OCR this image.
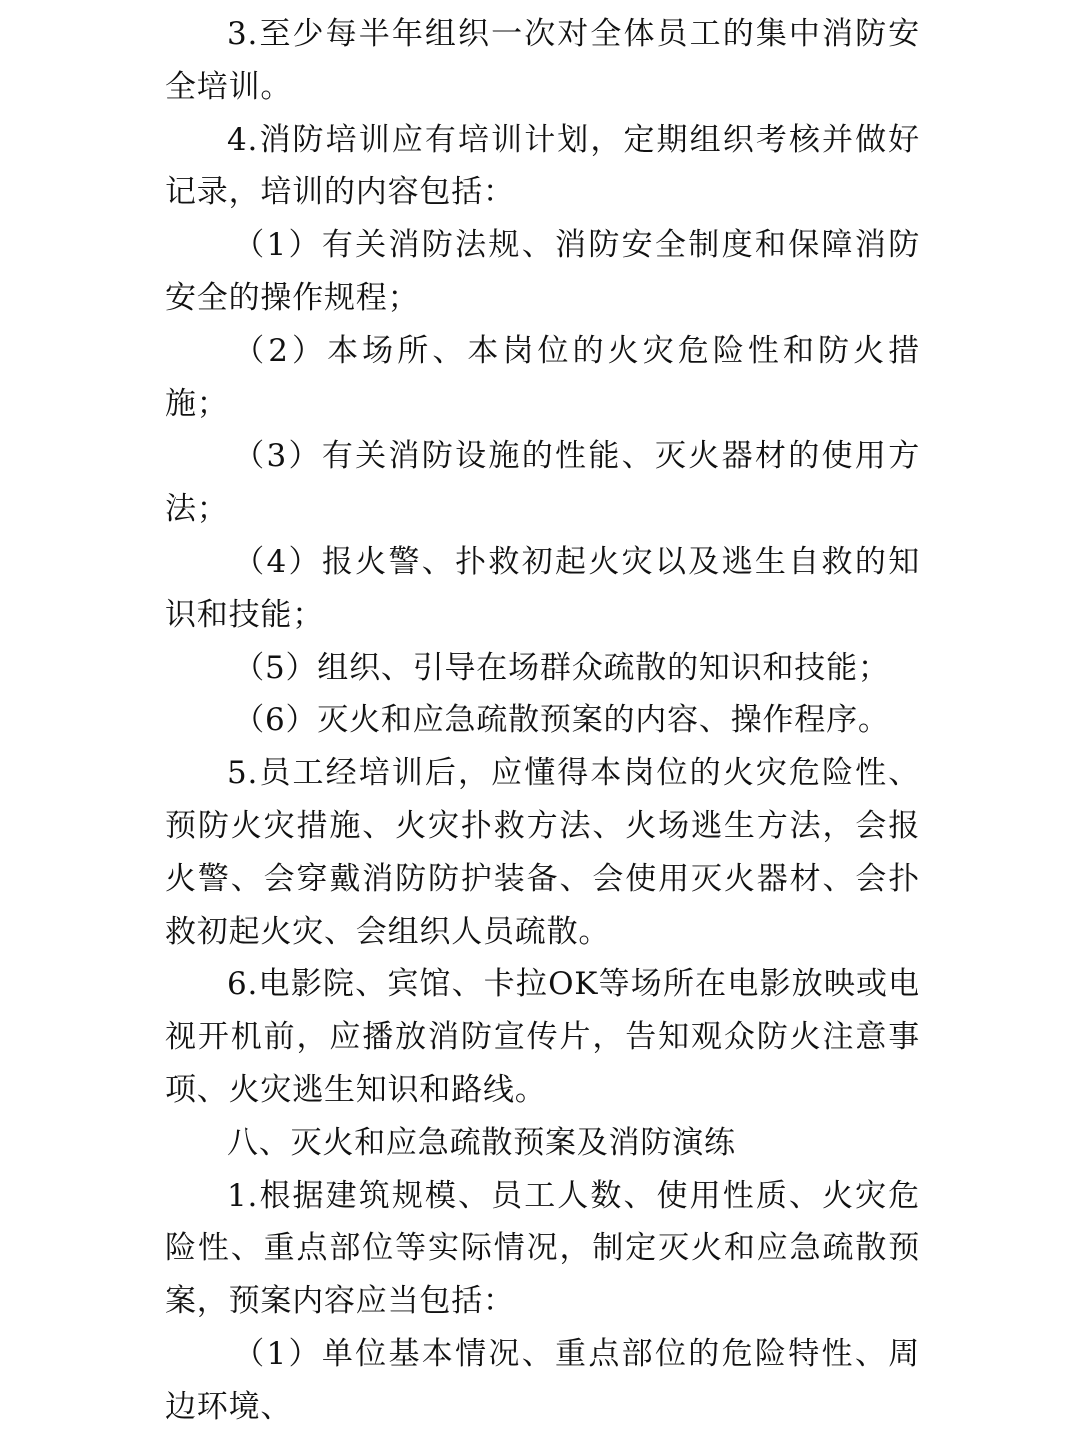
3.至少每半年组织一次对全体员工的集中消防安全培训。

4.消防培训应有培训计划，定期组织考核并做好记录，培训的内容包括：

（1）有关消防法规、消防安全制度和保障消防安全的操作规程；

（2）本场所、本岗位的火灾危险性和防火措施；

（3）有关消防设施的性能、灭火器材的使用方法；

（4）报火警、扑救初起火灾以及逃生自救的知识和技能；

（5）组织、引导在场群众疏散的知识和技能；

（6）灭火和应急疏散预案的内容、操作程序。

5.员工经培训后，应懂得本岗位的火灾危险性、预防火灾措施、火灾扑救方法、火场逃生方法，会报火警、会穿戴消防防护装备、会使用灭火器材、会扑救初起火灾、会组织人员疏散。

6.电影院、宾馆、卡拉OK等场所在电影放映或电视开机前，应播放消防宣传片，告知观众防火注意事项、火灾逃生知识和路线。

八、灭火和应急疏散预案及消防演练

1.根据建筑规模、员工人数、使用性质、火灾危险性、重点部位等实际情况，制定灭火和应急疏散预案，预案内容应当包括：

（1）单位基本情况、重点部位的危险特性、周边环境、
